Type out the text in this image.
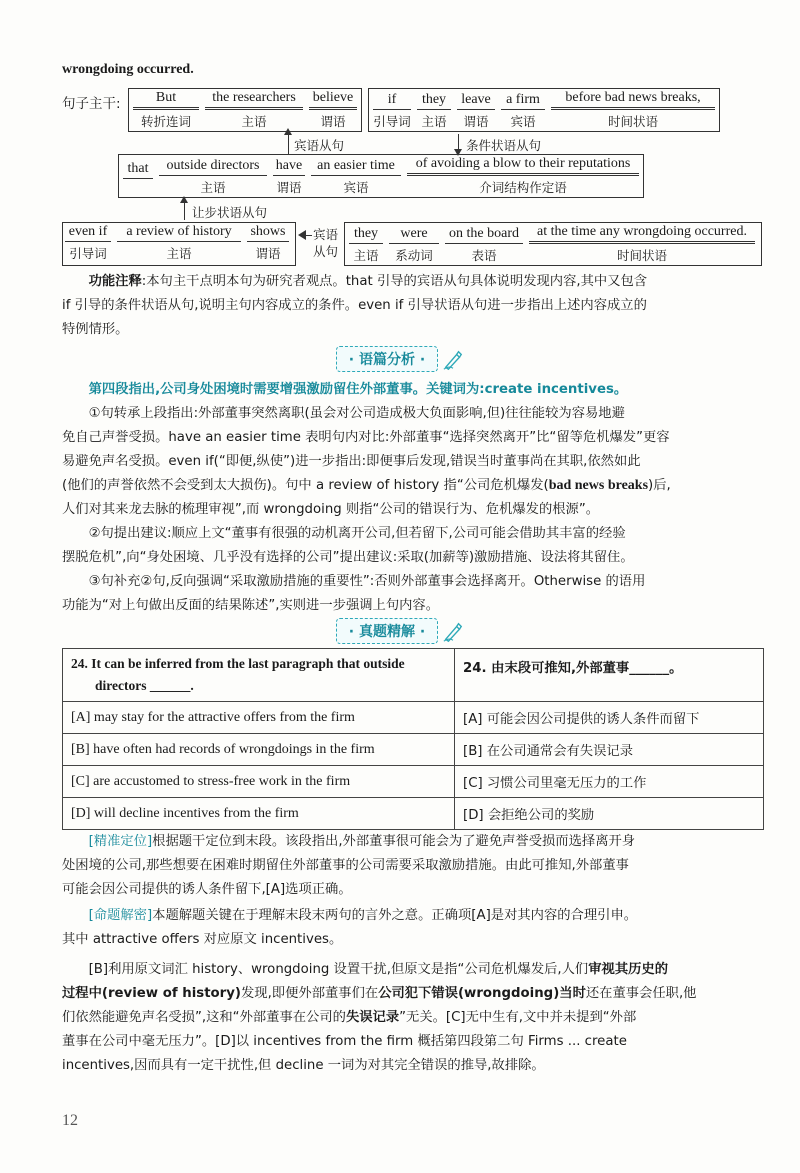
wrongdoing occurred.
句子主干:	But
转折连词
the researchers
主语
believe
谓语
if
引导词
they
主语
leave
谓语
a firm
宾语
before bad news breaks,
时间状语
宾语从句	条件状语从句
that
	outside directors
主语
have
谓语
an easier time
宾语
of avoiding a blow to their reputations
介词结构作定语
让步状语从句
even if
引导词
a review of history
主语
shows
谓语
宾语
从句
they
主语
were
系动词
on the board
表语
at the time any wrongdoing occurred.
时间状语
功能注释:本句主干点明本句为研究者观点。that 引导的宾语从句具体说明发现内容,其中又包含
if 引导的条件状语从句,说明主句内容成立的条件。even if 引导状语从句进一步指出上述内容成立的
特例情形。
· 语篇分析 ·
第四段指出,公司身处困境时需要增强激励留住外部董事。关键词为:create incentives。
①句转承上段指出:外部董事突然离职(虽会对公司造成极大负面影响,但)往往能较为容易地避
免自己声誉受损。have an easier time 表明句内对比:外部董事“选择突然离开”比“留等危机爆发”更容
易避免声名受损。even if(“即便,纵使”)进一步指出:即便事后发现,错误当时董事尚在其职,依然如此
(他们的声誉依然不会受到太大损伤)。句中 a review of history 指“公司危机爆发(bad news breaks)后,
人们对其来龙去脉的梳理审视”,而 wrongdoing 则指“公司的错误行为、危机爆发的根源”。
②句提出建议:顺应上文“董事有很强的动机离开公司,但若留下,公司可能会借助其丰富的经验
摆脱危机”,向“身处困境、几乎没有选择的公司”提出建议:采取(加薪等)激励措施、设法将其留住。
③句补充②句,反向强调“采取激励措施的重要性”:否则外部董事会选择离开。Otherwise 的语用
功能为“对上句做出反面的结果陈述”,实则进一步强调上句内容。
· 真题精解 ·
24. It can be inferred from the last paragraph that outside
directors ______.	24. 由末段可推知,外部董事______。
[A] may stay for the attractive offers from the firm	[A] 可能会因公司提供的诱人条件而留下
[B] have often had records of wrongdoings in the firm	[B] 在公司通常会有失误记录
[C] are accustomed to stress-free work in the firm	[C] 习惯公司里毫无压力的工作
[D] will decline incentives from the firm	[D] 会拒绝公司的奖励
[精准定位]根据题干定位到末段。该段指出,外部董事很可能会为了避免声誉受损而选择离开身
处困境的公司,那些想要在困难时期留住外部董事的公司需要采取激励措施。由此可推知,外部董事
可能会因公司提供的诱人条件留下,[A]选项正确。
[命题解密]本题解题关键在于理解末段末两句的言外之意。正确项[A]是对其内容的合理引申。
其中 attractive offers 对应原文 incentives。
[B]利用原文词汇 history、wrongdoing 设置干扰,但原文是指“公司危机爆发后,人们审视其历史的
过程中(review of history)发现,即便外部董事们在公司犯下错误(wrongdoing)当时还在董事会任职,他
们依然能避免声名受损”,这和“外部董事在公司的失误记录”无关。[C]无中生有,文中并未提到“外部
董事在公司中毫无压力”。[D]以 incentives from the firm 概括第四段第二句 Firms ... create
incentives,因而具有一定干扰性,但 decline 一词为对其完全错误的推导,故排除。
12
